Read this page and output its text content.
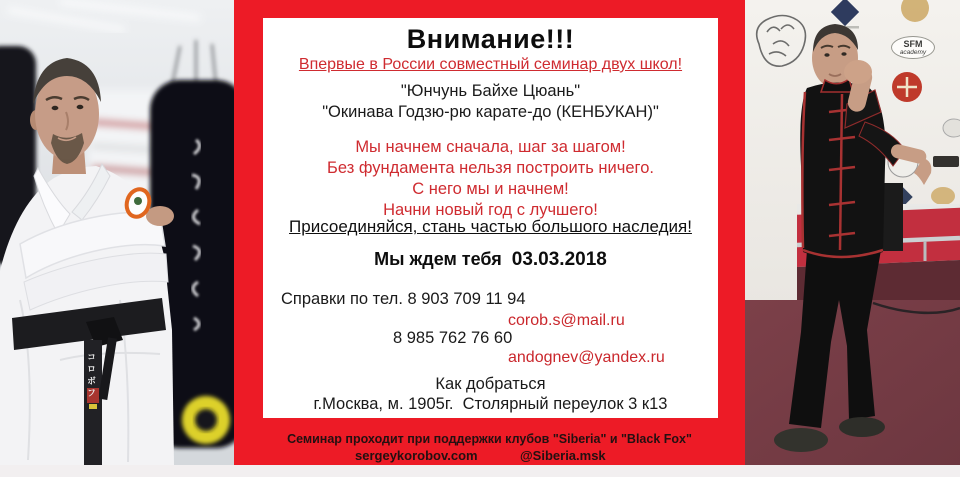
コロボフ
Внимание!!!
Впервые в России совместный семинар двух школ!
"Юнчунь Байхе Цюань"
"Окинава Годзю-рю карате-до (КЕНБУКАН)"
Мы начнем сначала, шаг за шагом!
Без фундамента нельзя построить ничего.
С него мы и начнем!
Начни новый год с лучшего!
Присоединяйся, стань частью большого наследия!
Мы ждем тебя 03.03.2018
Справки по тел. 8 903 709 11 94
corob.s@mail.ru
8 985 762 76 60
andognev@yandex.ru
Как добраться
г.Москва, м. 1905г.  Столярный переулок 3 к13
Семинар проходит при поддержки клубов "Siberia" и "Black Fox"
sergeykorobov.com	@Siberia.msk
SFM
academy
